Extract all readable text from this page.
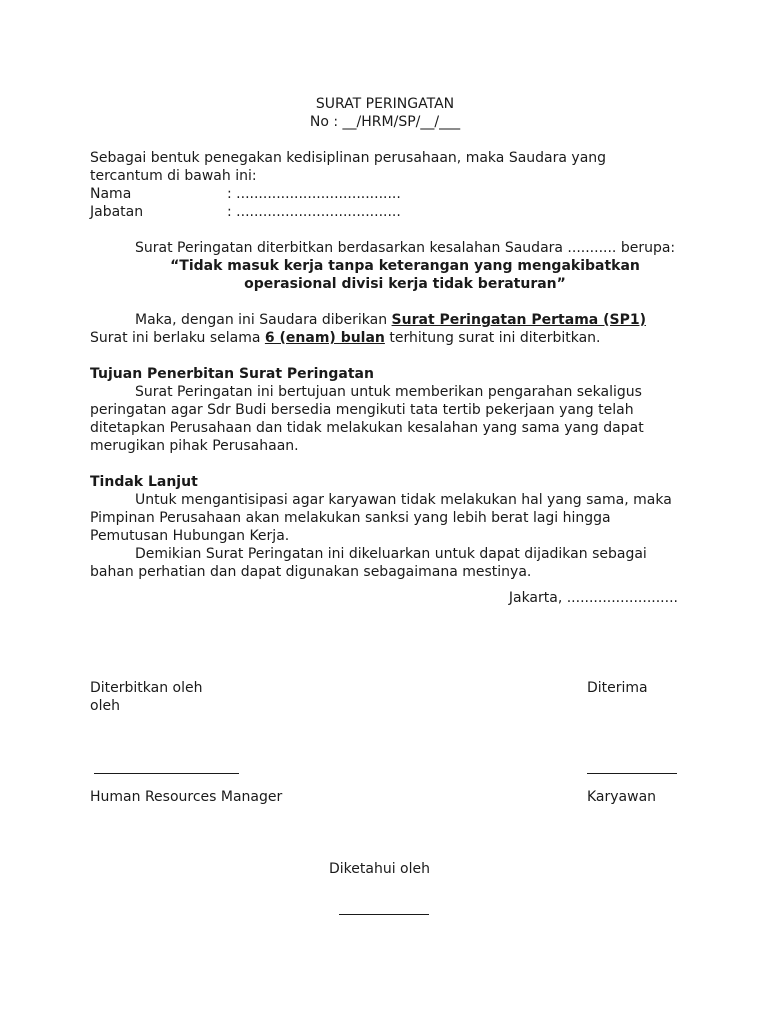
SURAT PERINGATAN

No : __/HRM/SP/__/___

Sebagai bentuk penegakan kedisiplinan perusahaan, maka Saudara yang tercantum di bawah ini:

Nama	: .....................................
Jabatan	: .....................................

Surat Peringatan diterbitkan berdasarkan kesalahan Saudara ........... berupa:

“Tidak masuk kerja tanpa keterangan yang mengakibatkan operasional divisi kerja tidak beraturan”

Maka, dengan ini Saudara diberikan Surat Peringatan Pertama (SP1)

Surat ini berlaku selama 6 (enam) bulan terhitung surat ini diterbitkan.

Tujuan Penerbitan Surat Peringatan

Surat Peringatan ini bertujuan untuk memberikan pengarahan sekaligus peringatan agar Sdr Budi bersedia mengikuti tata tertib pekerjaan yang telah ditetapkan Perusahaan dan tidak melakukan kesalahan yang sama yang dapat merugikan pihak Perusahaan.

Tindak Lanjut

Untuk mengantisipasi agar karyawan tidak melakukan hal yang sama, maka Pimpinan Perusahaan akan melakukan sanksi yang lebih berat lagi hingga Pemutusan Hubungan Kerja.

Demikian Surat Peringatan ini dikeluarkan untuk dapat dijadikan sebagai bahan perhatian dan dapat digunakan sebagaimana mestinya.

Jakarta, .........................

Diterbitkan oleh	Diterima
oleh
Human Resources Manager	Karyawan
Diketahui oleh
